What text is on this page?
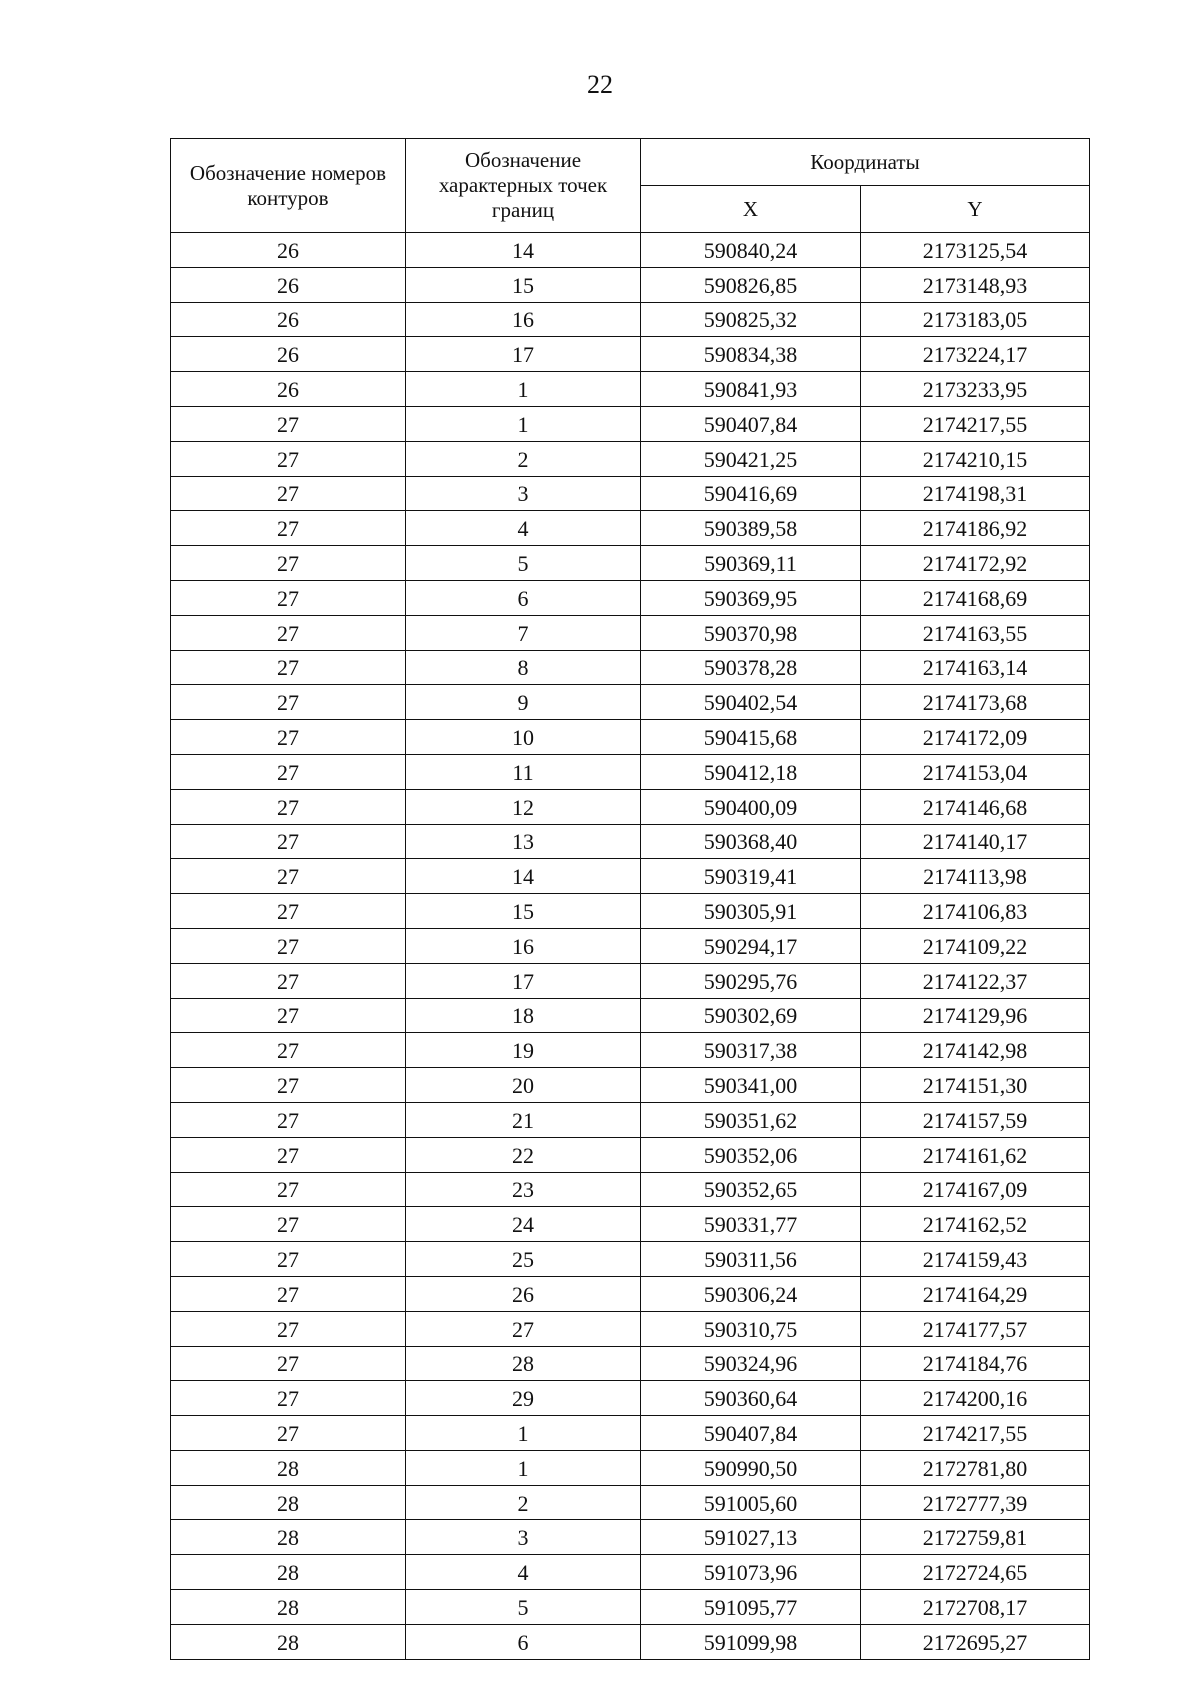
22
Обозначение номеров контуров	Обозначение характерных точек границ	Координаты	
		X	Y
26	14	590840,24	2173125,54
26	15	590826,85	2173148,93
26	16	590825,32	2173183,05
26	17	590834,38	2173224,17
26	1	590841,93	2173233,95
27	1	590407,84	2174217,55
27	2	590421,25	2174210,15
27	3	590416,69	2174198,31
27	4	590389,58	2174186,92
27	5	590369,11	2174172,92
27	6	590369,95	2174168,69
27	7	590370,98	2174163,55
27	8	590378,28	2174163,14
27	9	590402,54	2174173,68
27	10	590415,68	2174172,09
27	11	590412,18	2174153,04
27	12	590400,09	2174146,68
27	13	590368,40	2174140,17
27	14	590319,41	2174113,98
27	15	590305,91	2174106,83
27	16	590294,17	2174109,22
27	17	590295,76	2174122,37
27	18	590302,69	2174129,96
27	19	590317,38	2174142,98
27	20	590341,00	2174151,30
27	21	590351,62	2174157,59
27	22	590352,06	2174161,62
27	23	590352,65	2174167,09
27	24	590331,77	2174162,52
27	25	590311,56	2174159,43
27	26	590306,24	2174164,29
27	27	590310,75	2174177,57
27	28	590324,96	2174184,76
27	29	590360,64	2174200,16
27	1	590407,84	2174217,55
28	1	590990,50	2172781,80
28	2	591005,60	2172777,39
28	3	591027,13	2172759,81
28	4	591073,96	2172724,65
28	5	591095,77	2172708,17
28	6	591099,98	2172695,27
